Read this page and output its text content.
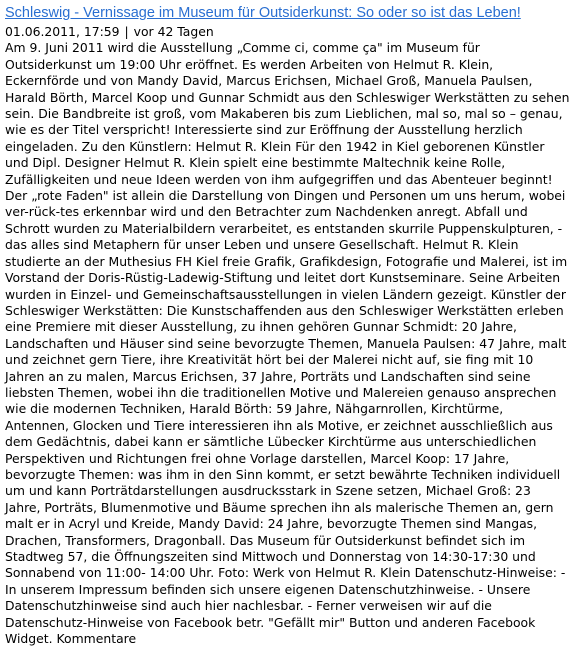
Schleswig - Vernissage im Museum für Outsiderkunst: So oder so ist das Leben!
01.06.2011, 17:59 | vor 42 Tagen

Am 9. Juni 2011 wird die Ausstellung „Comme ci, comme ça" im Museum für Outsiderkunst um 19:00 Uhr eröffnet. Es werden Arbeiten von Helmut R. Klein, Eckernförde und von Mandy David, Marcus Erichsen, Michael Groß, Manuela Paulsen, Harald Börth, Marcel Koop und Gunnar Schmidt aus den Schleswiger Werkstätten zu sehen sein. Die Bandbreite ist groß, vom Makaberen bis zum Lieblichen, mal so, mal so – genau, wie es der Titel verspricht! Interessierte sind zur Eröffnung der Ausstellung herzlich eingeladen. Zu den Künstlern: Helmut R. Klein Für den 1942 in Kiel geborenen Künstler und Dipl. Designer Helmut R. Klein spielt eine bestimmte Maltechnik keine Rolle, Zufälligkeiten und neue Ideen werden von ihm aufgegriffen und das Abenteuer beginnt! Der „rote Faden" ist allein die Darstellung von Dingen und Personen um uns herum, wobei ver-rück-tes erkennbar wird und den Betrachter zum Nachdenken anregt. Abfall und Schrott wurden zu Materialbildern verarbeitet, es entstanden skurrile Puppenskulpturen, - das alles sind Metaphern für unser Leben und unsere Gesellschaft. Helmut R. Klein studierte an der Muthesius FH Kiel freie Grafik, Grafikdesign, Fotografie und Malerei, ist im Vorstand der Doris-Rüstig-Ladewig-Stiftung und leitet dort Kunstseminare. Seine Arbeiten wurden in Einzel- und Gemeinschaftsausstellungen in vielen Ländern gezeigt. Künstler der Schleswiger Werkstätten: Die Kunstschaffenden aus den Schleswiger Werkstätten erleben eine Premiere mit dieser Ausstellung, zu ihnen gehören Gunnar Schmidt: 20 Jahre, Landschaften und Häuser sind seine bevorzugte Themen, Manuela Paulsen: 47 Jahre, malt und zeichnet gern Tiere, ihre Kreativität hört bei der Malerei nicht auf, sie fing mit 10 Jahren an zu malen, Marcus Erichsen, 37 Jahre, Porträts und Landschaften sind seine liebsten Themen, wobei ihn die traditionellen Motive und Malereien genauso ansprechen wie die modernen Techniken, Harald Börth: 59 Jahre, Nähgarnrollen, Kirchtürme, Antennen, Glocken und Tiere interessieren ihn als Motive, er zeichnet ausschließlich aus dem Gedächtnis, dabei kann er sämtliche Lübecker Kirchtürme aus unterschiedlichen Perspektiven und Richtungen frei ohne Vorlage darstellen, Marcel Koop: 17 Jahre, bevorzugte Themen: was ihm in den Sinn kommt, er setzt bewährte Techniken individuell um und kann Porträtdarstellungen ausdrucksstark in Szene setzen, Michael Groß: 23 Jahre, Porträts, Blumenmotive und Bäume sprechen ihn als malerische Themen an, gern malt er in Acryl und Kreide, Mandy David: 24 Jahre, bevorzugte Themen sind Mangas, Drachen, Transformers, Dragonball. Das Museum für Outsiderkunst befindet sich im Stadtweg 57, die Öffnungszeiten sind Mittwoch und Donnerstag von 14:30-17:30 und Sonnabend von 11:00- 14:00 Uhr. Foto: Werk von Helmut R. Klein Datenschutz-Hinweise: - In unserem Impressum befinden sich unsere eigenen Datenschutzhinweise. - Unsere Datenschutzhinweise sind auch hier nachlesbar. - Ferner verweisen wir auf die Datenschutz-Hinweise von Facebook betr. "Gefällt mir" Button und anderen Facebook Widget. Kommentare
